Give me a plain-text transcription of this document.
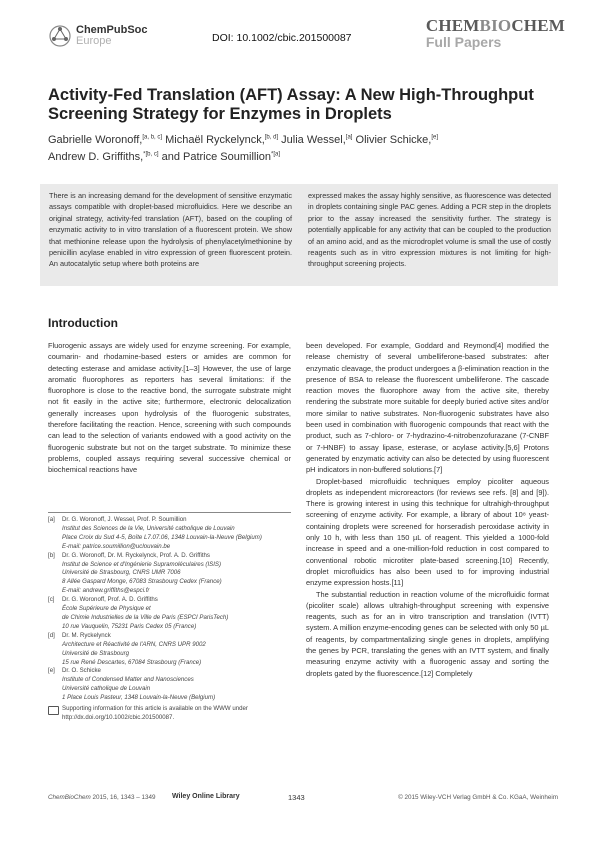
ChemPubSoc
Europe	DOI: 10.1002/cbic.201500087
CHEMBIOCHEM
Full Papers
Activity-Fed Translation (AFT) Assay: A New High-Throughput Screening Strategy for Enzymes in Droplets
Gabrielle Woronoff,[a, b, c] Michaël Ryckelynck,[b, d] Julia Wessel,[a] Olivier Schicke,[e]
Andrew D. Griffiths,$^{*[b, c]}$ and Patrice Soumillion$^{*[a]}$
There is an increasing demand for the development of sensitive enzymatic assays compatible with droplet-based microfluidics. Here we describe an original strategy, activity-fed translation (AFT), based on the coupling of enzymatic activity to in vitro translation of a fluorescent protein. We show that methionine release upon the hydrolysis of phenylacetylmethionine by penicillin acylase enabled in vitro expression of green fluorescent protein. An autocatalytic setup where both proteins are
expressed makes the assay highly sensitive, as fluorescence was detected in droplets containing single PAC genes. Adding a PCR step in the droplets prior to the assay increased the sensitivity further. The strategy is potentially applicable for any activity that can be coupled to the production of an amino acid, and as the microdroplet volume is small the use of costly reagents such as in vitro expression mixtures is not limiting for high-throughput screening projects.
Introduction

Fluorogenic assays are widely used for enzyme screening. For example, coumarin- and rhodamine-based esters or amides are common for detecting esterase and amidase activity.[1–3] However, the use of large aromatic fluorophores as reporters has several limitations: if the fluorophore is close to the reactive bond, the surrogate substrate might not fit easily in the active site; furthermore, electronic delocalization generally increases upon hydrolysis of the fluorogenic substrates, therefore facilitating the reaction. Hence, screening with such compounds can lead to the selection of variants endowed with a good activity on the fluorogenic substrate but not on the target substrate. To minimize these problems, coupled assays requiring several successive chemical or biochemical reactions have

been developed. For example, Goddard and Reymond[4] modified the release chemistry of several umbelliferone-based substrates: after enzymatic cleavage, the product undergoes a β-elimination reaction in the presence of BSA to release the fluorescent umbelliferone. The cascade reaction moves the fluorophore away from the active site, thereby rendering the substrate more suitable for deeply buried active sites and/or more similar to native substrates. Non-fluorogenic substrates have also been used in combination with fluorogenic compounds that react with the product, such as 7-chloro- or 7-hydrazino-4-nitrobenzofurazane (7-CNBF or 7-HNBF) to assay lipase, esterase, or acylase activity.[5,6] Protons generated by enzymatic activity can also be detected by using fluorescent pH indicators in non-buffered solutions.[7]

Droplet-based microfluidic techniques employ picoliter aqueous droplets as independent microreactors (for reviews see refs. [8] and [9]). There is growing interest in using this technique for ultrahigh-throughput screening of enzyme activity. For example, a library of about 10⁸ yeast-containing droplets were screened for horseradish peroxidase activity in only 10 h, with less than 150 µL of reagent. This yielded a 1000-fold increase in speed and a one-million-fold reduction in cost compared to conventional robotic microtiter plate-based screening.[10] Recently, droplet microfluidics has also been used to for improving industrial enzyme expression hosts.[11]

The substantial reduction in reaction volume of the microfluidic format (picoliter scale) allows ultrahigh-throughput screening with expensive reagents, such as for an in vitro transcription and translation (IVTT) system. A million enzyme-encoding genes can be selected with only 50 µL of reagents, by compartmentalizing single genes in droplets, amplifying the genes by PCR, translating the genes with an IVTT system, and finally measuring enzyme activity with a fluorogenic assay and sorting the droplets gated by the fluorescence.[12] Completely

[a]	Dr. G. Woronoff, J. Wessel, Prof. P. Soumillion
Institut des Sciences de la Vie, Université catholique de Louvain
Place Croix du Sud 4-5, Boîte L7.07.06, 1348 Louvain-la-Neuve (Belgium)
E-mail: patrice.soumillion@uclouvain.be
[b]	Dr. G. Woronoff, Dr. M. Ryckelynck, Prof. A. D. Griffiths
Institut de Science et d'Ingénierie Supramoléculaires (ISIS)
Université de Strasbourg, CNRS UMR 7006
8 Allée Gaspard Monge, 67083 Strasbourg Cedex (France)
E-mail: andrew.griffiths@espci.fr
[c]	Dr. G. Woronoff, Prof. A. D. Griffiths
École Supérieure de Physique et
de Chimie Industrielles de la Ville de Paris (ESPCI ParisTech)
10 rue Vauquelin, 75231 Paris Cedex 05 (France)
[d]	Dr. M. Ryckelynck
Architecture et Réactivité de l'ARN, CNRS UPR 9002
Université de Strasbourg
15 rue René Descartes, 67084 Strasbourg (France)
[e]	Dr. O. Schicke
Institute of Condensed Matter and Nanosciences
Université catholique de Louvain
1 Place Louis Pasteur, 1348 Louvain-la-Neuve (Belgium)
Supporting information for this article is available on the WWW under http://dx.doi.org/10.1002/cbic.201500087.
ChemBioChem 2015, 16, 1343 – 1349 Wiley Online Library	1343	© 2015 Wiley-VCH Verlag GmbH & Co. KGaA, Weinheim
